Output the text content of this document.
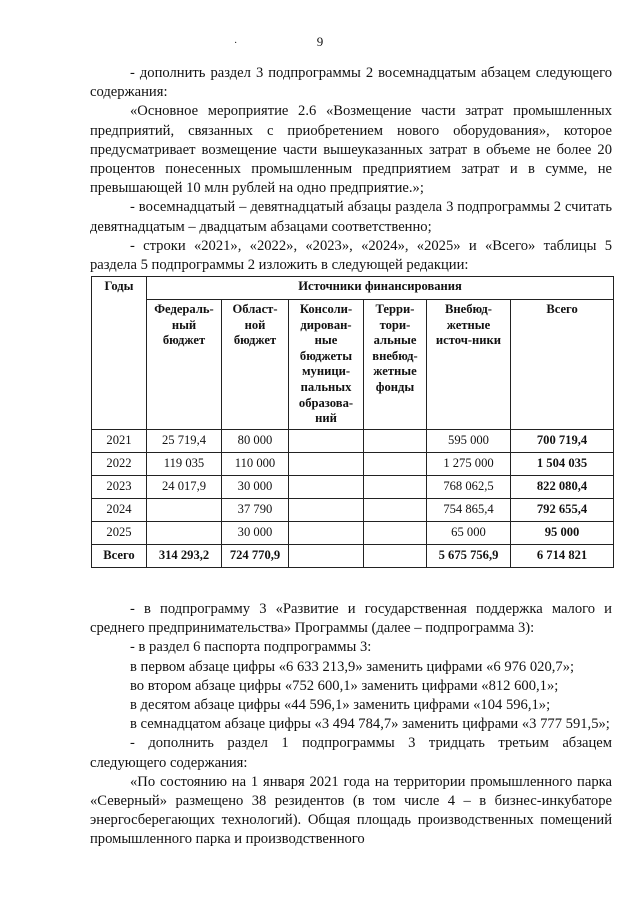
9
·

- дополнить раздел 3 подпрограммы 2 восемнадцатым абзацем следующего содержания:

«Основное мероприятие 2.6 «Возмещение части затрат промышленных предприятий, связанных с приобретением нового оборудования», которое предусматривает возмещение части вышеуказанных затрат в объеме не более 20 процентов понесенных промышленным предприятием затрат и в сумме, не превышающей 10 млн рублей на одно предприятие.»;

- восемнадцатый – девятнадцатый абзацы раздела 3 подпрограммы 2 считать девятнадцатым – двадцатым абзацами соответственно;

- строки «2021», «2022», «2023», «2024», «2025» и «Всего» таблицы 5 раздела 5 подпрограммы 2 изложить в следующей редакции:

Годы	Источники финансирования					
	Федераль-ный бюджет	Област-ной бюджет	Консоли-дирован-ные бюджеты муници-пальных образова-ний	Терри-тори-альные внебюд-жетные фонды	Внебюд-жетные источ-ники	Всего
2021	25 719,4	80 000			595 000	700 719,4
2022	119 035	110 000			1 275 000	1 504 035
2023	24 017,9	30 000			768 062,5	822 080,4
2024		37 790			754 865,4	792 655,4
2025		30 000			65 000	95 000
Всего	314 293,2	724 770,9			5 675 756,9	6 714 821

- в подпрограмму 3 «Развитие и государственная поддержка малого и среднего предпринимательства» Программы (далее – подпрограмма 3):

- в раздел 6 паспорта подпрограммы 3:

в первом абзаце цифры «6 633 213,9» заменить цифрами «6 976 020,7»;

во втором абзаце цифры «752 600,1» заменить цифрами «812 600,1»;

в десятом абзаце цифры «44 596,1» заменить цифрами «104 596,1»;

в семнадцатом абзаце цифры «3 494 784,7» заменить цифрами «3 777 591,5»;

- дополнить раздел 1 подпрограммы 3 тридцать третьим абзацем следующего содержания:

«По состоянию на 1 января 2021 года на территории промышленного парка «Северный» размещено 38 резидентов (в том числе 4 – в бизнес-инкубаторе энергосберегающих технологий). Общая площадь производственных помещений промышленного парка и производственного
